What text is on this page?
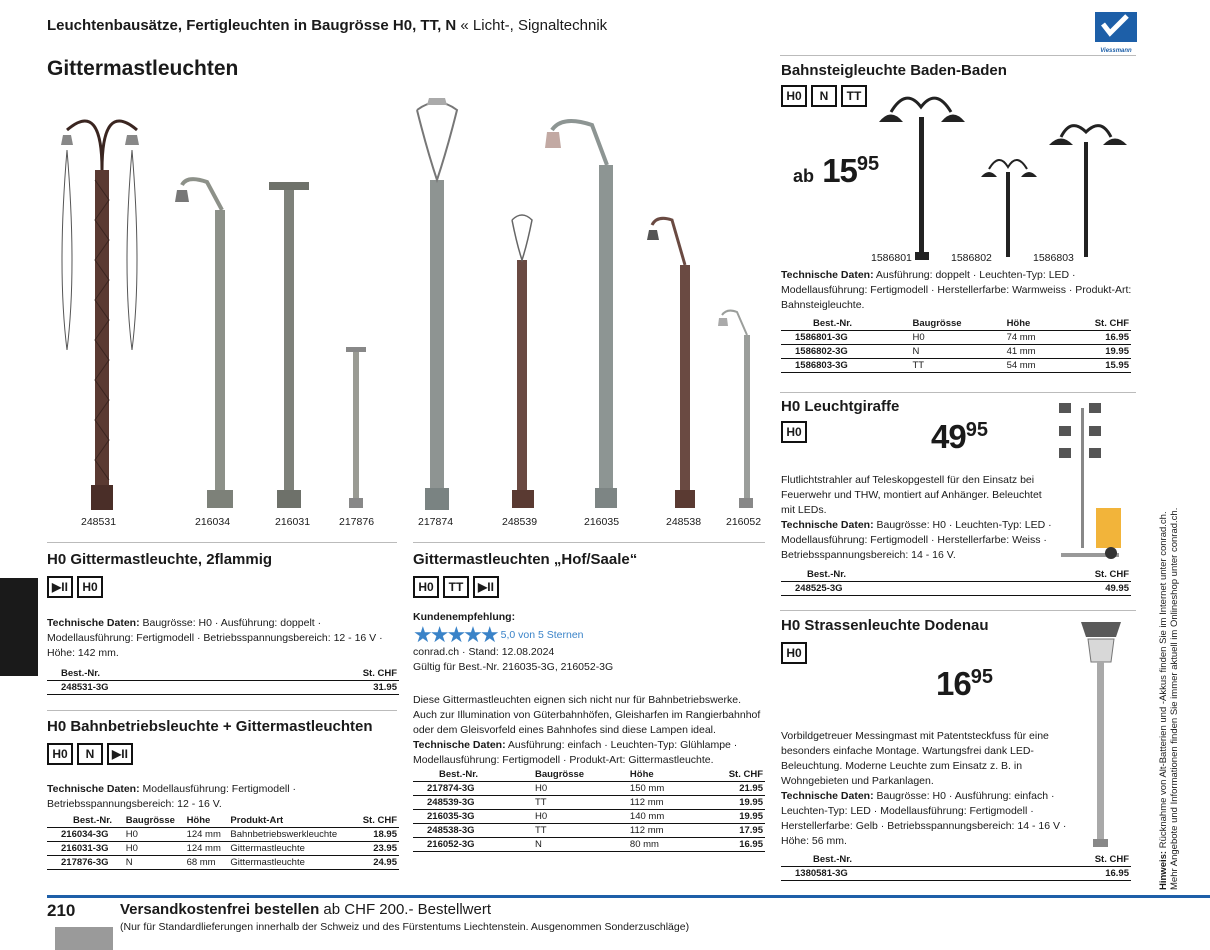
Leuchtenbausätze, Fertigleuchten in Baugrösse H0, TT, N « Licht-, Signaltechnik
Viessmann
Gittermastleuchten
248531	216034	216031	217876	217874	248539	216035	248538 216052
H0 Gittermastleuchte, 2flammig
▶II	H0
Technische Daten: Baugrösse: H0 · Ausführung: doppelt · Modellausführung: Fertigmodell · Betriebsspannungsbereich: 12 - 16 V · Höhe: 142 mm.
Best.-Nr.	St. CHF
248531-3G	31.95
H0 Bahnbetriebsleuchte + Gittermastleuchten
H0	N	▶II
Technische Daten: Modellausführung: Fertigmodell · Betriebsspannungsbereich: 12 - 16 V.
Best.-Nr.	Baugrösse	Höhe	Produkt-Art	St. CHF
216034-3G	H0	124 mm	Bahnbetriebswerkleuchte	18.95
216031-3G	H0	124 mm	Gittermastleuchte	23.95
217876-3G	N	68 mm	Gittermastleuchte	24.95
Gittermastleuchten „Hof/Saale“
H0	TT	▶II
Kundenempfehlung:
★★★★★ 5,0 von 5 Sternen
conrad.ch · Stand: 12.08.2024
Gültig für Best.-Nr. 216035-3G, 216052-3G
Diese Gittermastleuchten eignen sich nicht nur für Bahnbetriebswerke. Auch zur Illumination von Güterbahnhöfen, Gleisharfen im Rangierbahnhof oder dem Gleisvorfeld eines Bahnhofes sind diese Lampen ideal.
Technische Daten: Ausführung: einfach · Leuchten-Typ: Glühlampe · Modellausführung: Fertigmodell · Produkt-Art: Gittermastleuchte.
Best.-Nr.	Baugrösse	Höhe	St. CHF
217874-3G	H0	150 mm	21.95
248539-3G	TT	112 mm	19.95
216035-3G	H0	140 mm	19.95
248538-3G	TT	112 mm	17.95
216052-3G	N	80 mm	16.95
Bahnsteigleuchte Baden-Baden
H0	N	TT
ab $15^{95}$
1586801	1586802	1586803
Technische Daten: Ausführung: doppelt · Leuchten-Typ: LED · Modellausführung: Fertigmodell · Herstellerfarbe: Warmweiss · Produkt-Art: Bahnsteigleuchte.
Best.-Nr.	Baugrösse	Höhe	St. CHF
1586801-3G	H0	74 mm	16.95
1586802-3G	N	41 mm	19.95
1586803-3G	TT	54 mm	15.95
H0 Leuchtgiraffe
H0	$49^{95}$
Flutlichtstrahler auf Teleskopgestell für den Einsatz bei Feuerwehr und THW, montiert auf Anhänger. Beleuchtet mit LEDs.
Technische Daten: Baugrösse: H0 · Leuchten-Typ: LED · Modellausführung: Fertigmodell · Herstellerfarbe: Weiss · Betriebsspannungsbereich: 14 - 16 V.
Best.-Nr.	St. CHF
248525-3G	49.95
H0 Strassenleuchte Dodenau
H0
$16^{95}$
Vorbildgetreuer Messingmast mit Patentsteckfuss für eine besonders einfache Montage. Wartungsfrei dank LED-Beleuchtung. Moderne Leuchte zum Einsatz z. B. in Wohngebieten und Parkanlagen.
Technische Daten: Baugrösse: H0 · Ausführung: einfach · Leuchten-Typ: LED · Modellausführung: Fertigmodell · Herstellerfarbe: Gelb · Betriebsspannungsbereich: 14 - 16 V · Höhe: 56 mm.
Best.-Nr.	St. CHF
1380581-3G	16.95	Hinweis: Rücknahme von Alt-Batterien und -Akkus finden Sie im Internet unter conrad.ch.
Mehr Angebote und Informationen finden Sie immer aktuell im Onlineshop unter conrad.ch.
210	Versandkostenfrei bestellen ab CHF 200.- Bestellwert
(Nur für Standardlieferungen innerhalb der Schweiz und des Fürstentums Liechtenstein. Ausgenommen Sonderzuschläge)
